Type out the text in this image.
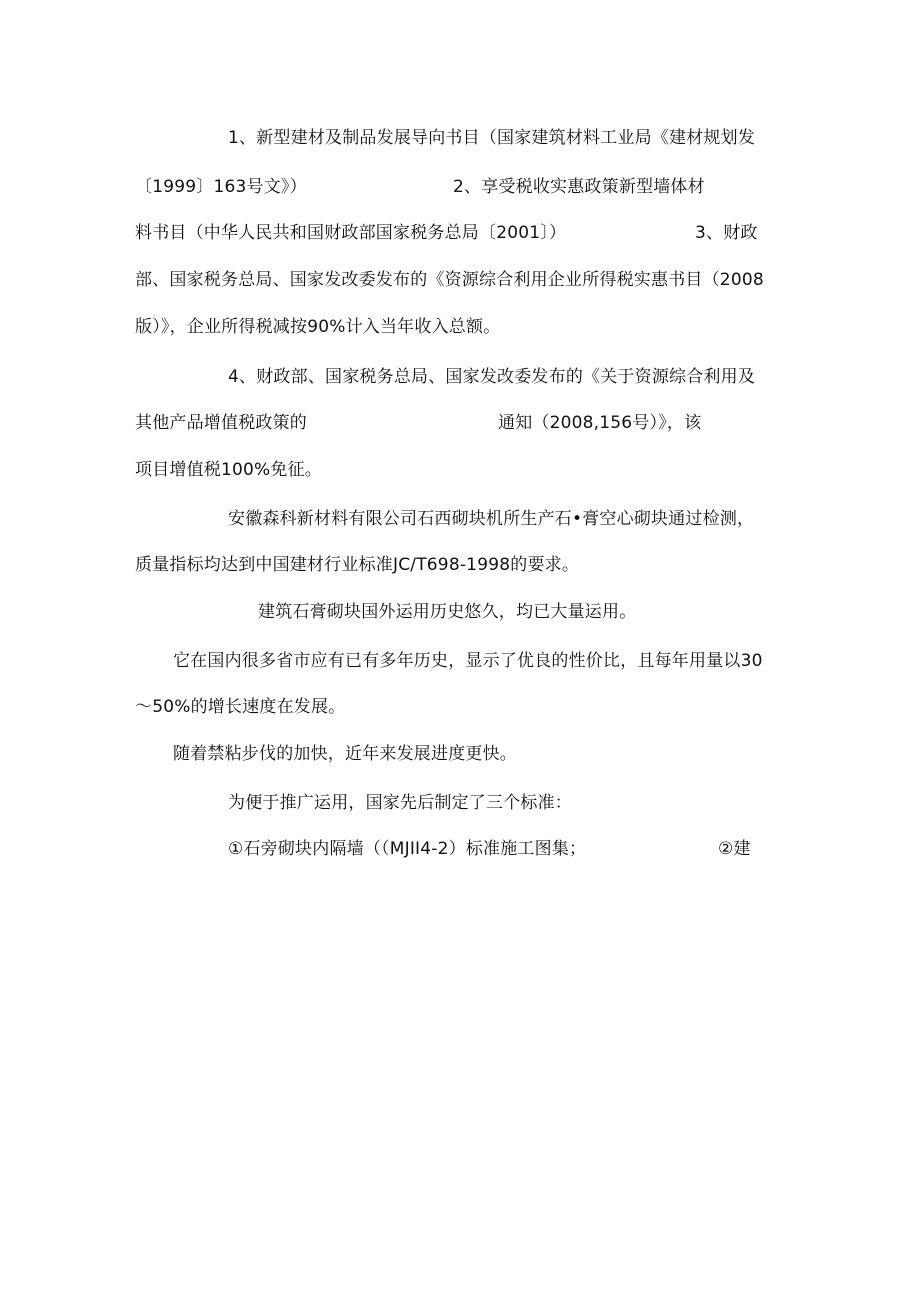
1、新型建材及制品发展导向书目（国家建筑材料工业局《建材规划发
〔1999〕163号文》）	2、享受税收实惠政策新型墙体材
料书目（中华人民共和国财政部国家税务总局〔2001〕）	3、财政
部、国家税务总局、国家发改委发布的《资源综合利用企业所得税实惠书目（2008
版）》，企业所得税减按90%计入当年收入总额。
4、财政部、国家税务总局、国家发改委发布的《关于资源综合利用及
其他产品增值税政策的	通知（2008,156号）》，该
项目增值税100%免征。
安徽森科新材料有限公司石西砌块机所生产石•膏空心砌块通过检测，
质量指标均达到中国建材行业标准JC/T698-1998的要求。
建筑石膏砌块国外运用历史悠久，均已大量运用。
它在国内很多省市应有已有多年历史，显示了优良的性价比，且每年用量以30
～50%的增长速度在发展。
随着禁粘步伐的加快，近年来发展进度更快。
为便于推广运用，国家先后制定了三个标准：
①石旁砌块内隔墙（（MJII4-2）标准施工图集；	②建
